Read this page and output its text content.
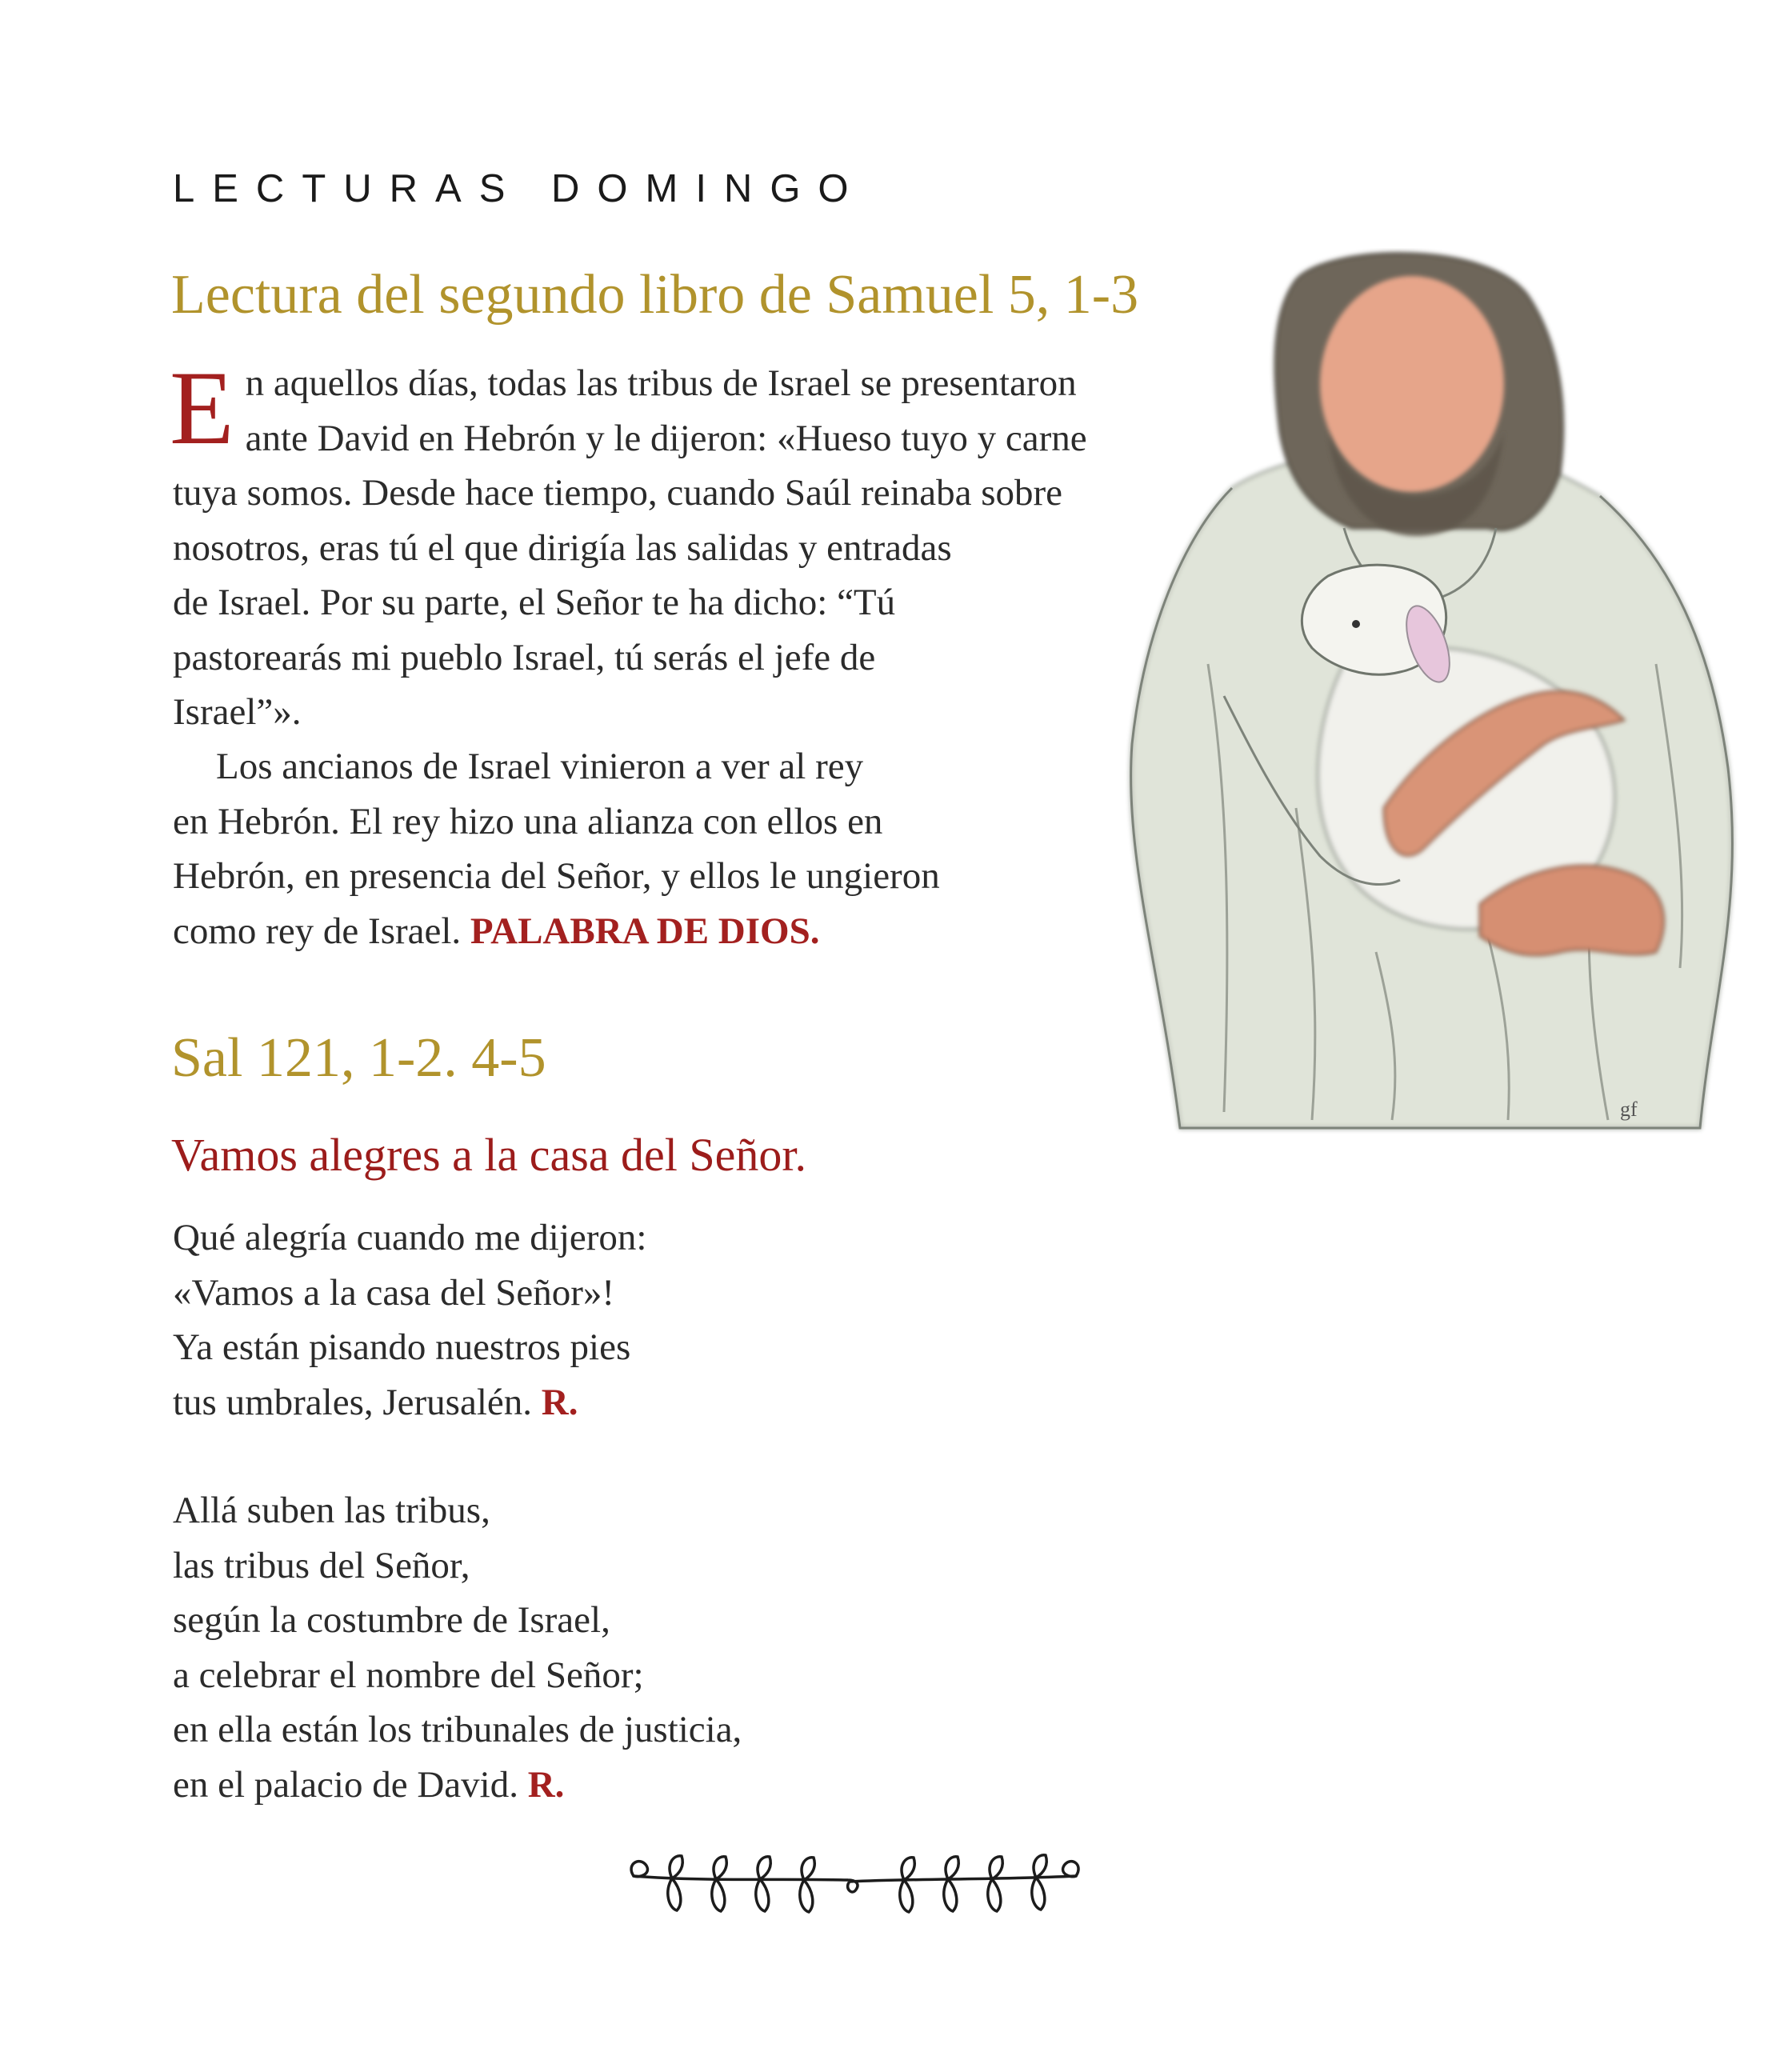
LECTURAS DOMINGO
Lectura del segundo libro de Samuel 5, 1-3
E n aquellos días, todas las tribus de Israel se presentaron
ante David en Hebrón y le dijeron: «Hueso tuyo y carne
tuya somos. Desde hace tiempo, cuando Saúl reinaba sobre
nosotros, eras tú el que dirigía las salidas y entradas
de Israel. Por su parte, el Señor te ha dicho: “Tú
pastorearás mi pueblo Israel, tú serás el jefe de
Israel”».
Los ancianos de Israel vinieron a ver al rey
en Hebrón. El rey hizo una alianza con ellos en
Hebrón, en presencia del Señor, y ellos le ungieron
como rey de Israel. PALABRA DE DIOS.
Sal 121, 1-2. 4-5
Vamos alegres a la casa del Señor.
Qué alegría cuando me dijeron:
«Vamos a la casa del Señor»!
Ya están pisando nuestros pies
tus umbrales, Jerusalén. R.
Allá suben las tribus,
las tribus del Señor,
según la costumbre de Israel,
a celebrar el nombre del Señor;
en ella están los tribunales de justicia,
en el palacio de David. R.
gf
